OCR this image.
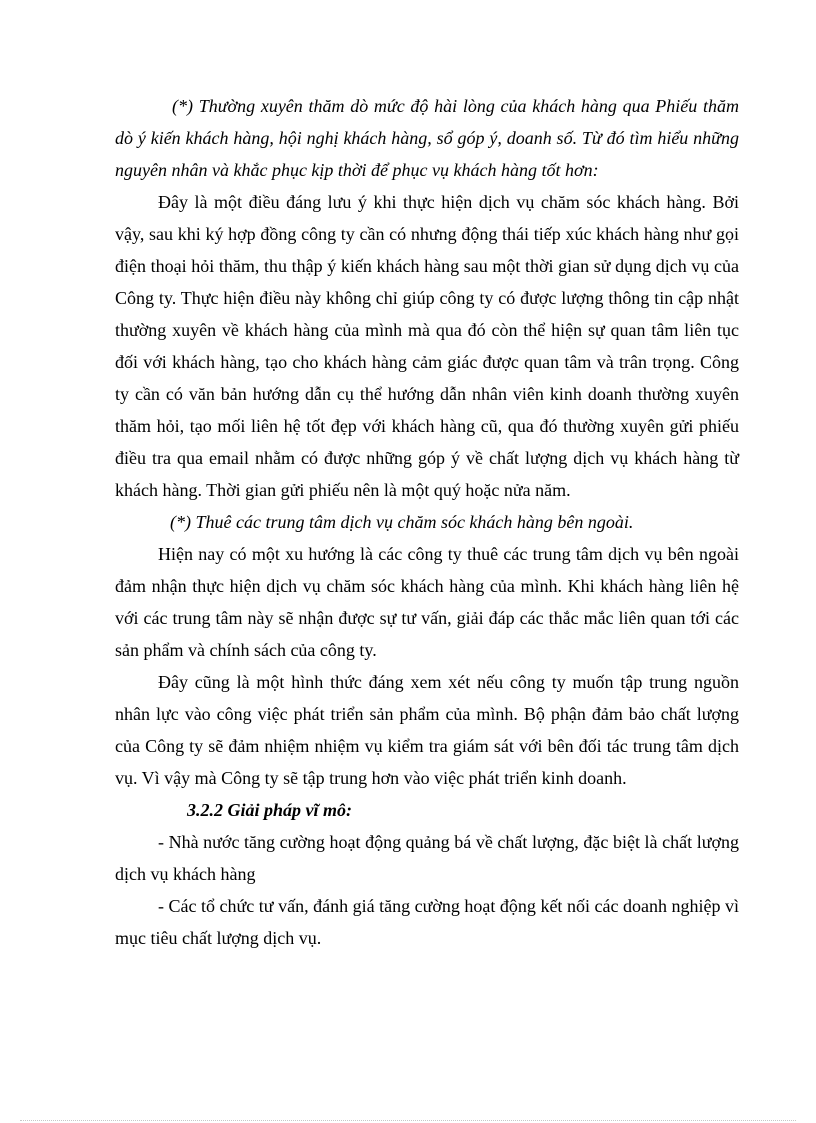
(*) Thường xuyên thăm dò mức độ hài lòng của khách hàng qua Phiếu thăm dò ý kiến khách hàng, hội nghị khách hàng, sổ góp ý, doanh số. Từ đó tìm hiểu những nguyên nhân và khắc phục kịp thời để phục vụ khách hàng tốt hơn:

Đây là một điều đáng lưu ý khi thực hiện dịch vụ chăm sóc khách hàng. Bởi vậy, sau khi ký hợp đồng công ty cần có nhưng động thái tiếp xúc khách hàng như gọi điện thoại hỏi thăm, thu thập ý kiến khách hàng sau một thời gian sử dụng dịch vụ của Công ty. Thực hiện điều này không chỉ giúp công ty có được lượng thông tin cập nhật thường xuyên về khách hàng của mình mà qua đó còn thể hiện sự quan tâm liên tục đối với khách hàng, tạo cho khách hàng cảm giác được quan tâm và trân trọng. Công ty cần có văn bản hướng dẫn cụ thể hướng dẫn nhân viên kinh doanh thường xuyên thăm hỏi, tạo mối liên hệ tốt đẹp với khách hàng cũ, qua đó thường xuyên gửi phiếu điều tra qua email nhằm có được những góp ý về chất lượng dịch vụ khách hàng từ khách hàng. Thời gian gửi phiếu nên là một quý hoặc nửa năm.

(*) Thuê các trung tâm dịch vụ chăm sóc khách hàng bên ngoài.

Hiện nay có một xu hướng là các công ty thuê các trung tâm dịch vụ bên ngoài đảm nhận thực hiện dịch vụ chăm sóc khách hàng của mình. Khi khách hàng liên hệ với các trung tâm này sẽ nhận được sự tư vấn, giải đáp các thắc mắc liên quan tới các sản phẩm và chính sách của công ty.

Đây cũng là một hình thức đáng xem xét nếu công ty muốn tập trung nguồn nhân lực vào công việc phát triển sản phẩm của mình. Bộ phận đảm bảo chất lượng của Công ty sẽ đảm nhiệm nhiệm vụ kiểm tra giám sát với bên đối tác trung tâm dịch vụ. Vì vậy mà Công ty sẽ tập trung hơn vào việc phát triển kinh doanh.

3.2.2 Giải pháp vĩ mô:

- Nhà nước tăng cường hoạt động quảng bá về chất lượng, đặc biệt là chất lượng dịch vụ khách hàng

- Các tổ chức tư vấn, đánh giá tăng cường hoạt động kết nối các doanh nghiệp vì mục tiêu chất lượng dịch vụ.
